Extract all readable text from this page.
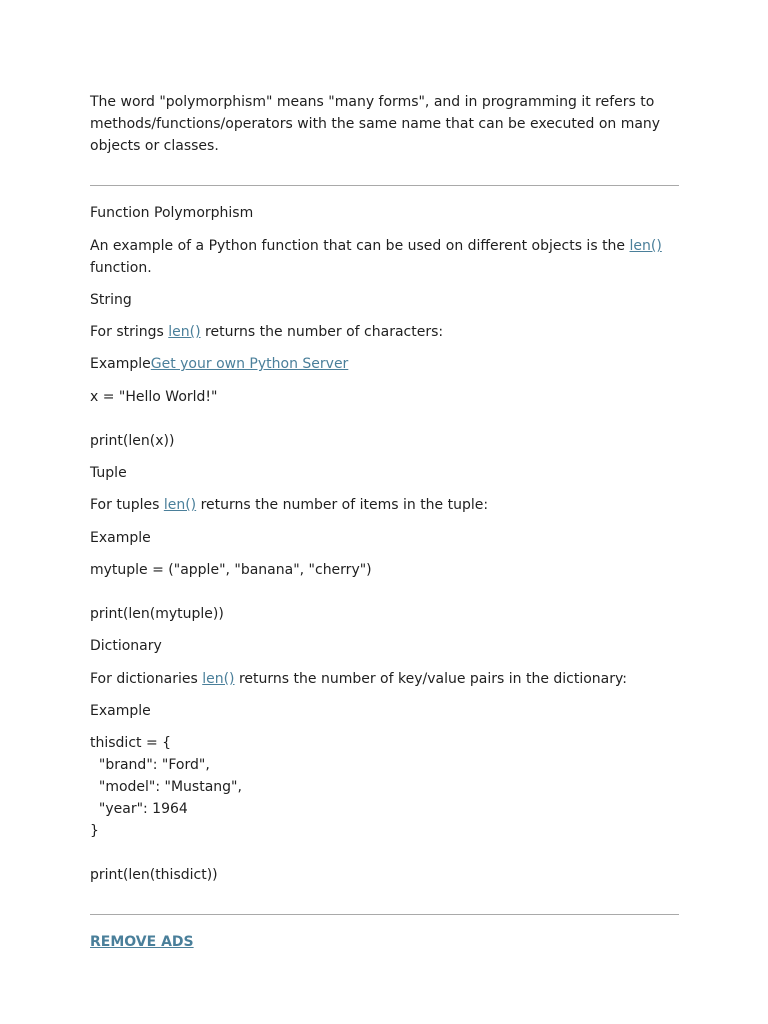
The word "polymorphism" means "many forms", and in programming it refers to methods/functions/operators with the same name that can be executed on many objects or classes.

Function Polymorphism

An example of a Python function that can be used on different objects is the len() function.

String

For strings len() returns the number of characters:

ExampleGet your own Python Server

x = "Hello World!"

print(len(x))

Tuple

For tuples len() returns the number of items in the tuple:

Example

mytuple = ("apple", "banana", "cherry")

print(len(mytuple))

Dictionary

For dictionaries len() returns the number of key/value pairs in the dictionary:

Example

thisdict = {

"brand": "Ford",

"model": "Mustang",

"year": 1964

}

print(len(thisdict))

REMOVE ADS
